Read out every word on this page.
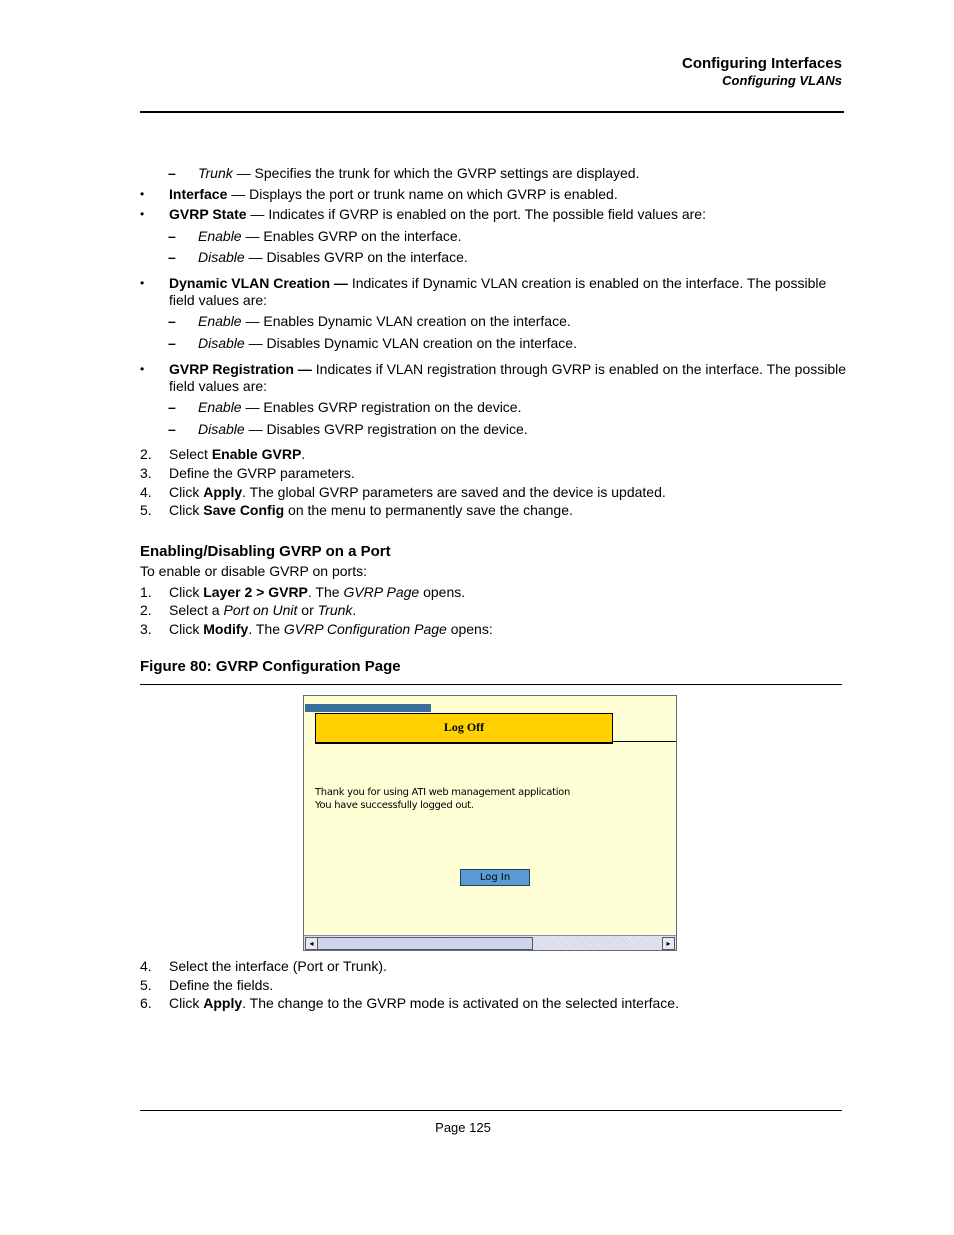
Configuring Interfaces
Configuring VLANs
– Trunk — Specifies the trunk for which the GVRP settings are displayed.
• Interface — Displays the port or trunk name on which GVRP is enabled.
• GVRP State — Indicates if GVRP is enabled on the port. The possible field values are:
– Enable — Enables GVRP on the interface.
– Disable — Disables GVRP on the interface.
• Dynamic VLAN Creation — Indicates if Dynamic VLAN creation is enabled on the interface. The possible
field values are:
– Enable — Enables Dynamic VLAN creation on the interface.
– Disable — Disables Dynamic VLAN creation on the interface.
• GVRP Registration — Indicates if VLAN registration through GVRP is enabled on the interface. The possible
field values are:
– Enable — Enables GVRP registration on the device.
– Disable — Disables GVRP registration on the device.
2. Select Enable GVRP.
3. Define the GVRP parameters.
4. Click Apply. The global GVRP parameters are saved and the device is updated.
5. Click Save Config on the menu to permanently save the change.
Enabling/Disabling GVRP on a Port
To enable or disable GVRP on ports:
1. Click Layer 2 > GVRP. The GVRP Page opens.
2. Select a Port on Unit or Trunk.
3. Click Modify. The GVRP Configuration Page opens:
Figure 80: GVRP Configuration Page
Log Off
Thank you for using ATI web management application
You have successfully logged out.
Log In
◂	▸
4. Select the interface (Port or Trunk).
5. Define the fields.
6. Click Apply. The change to the GVRP mode is activated on the selected interface.
Page 125
